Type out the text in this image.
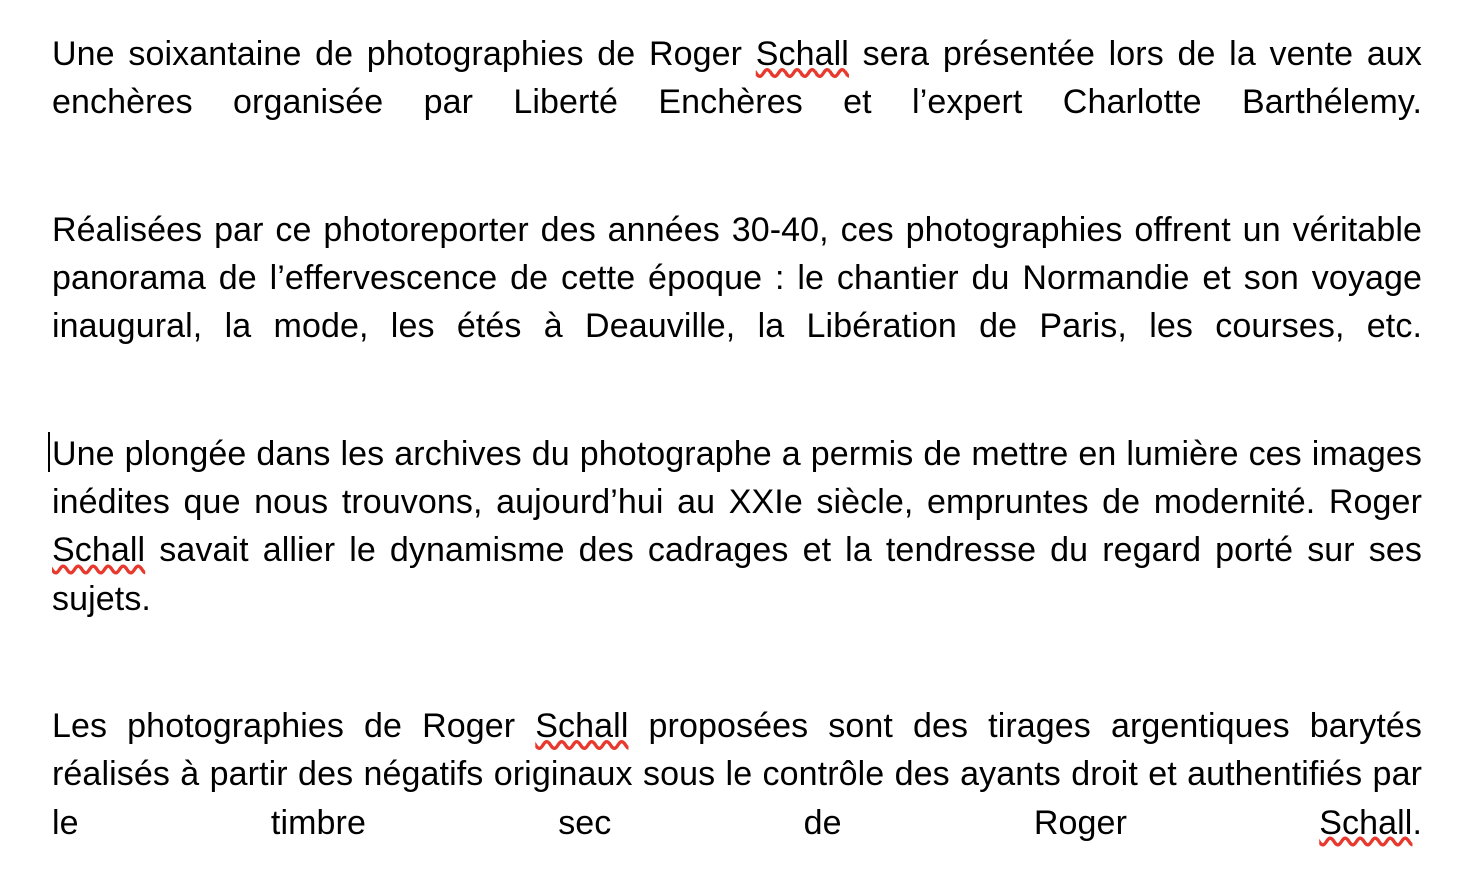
Une soixantaine de photographies de Roger Schall sera présentée lors de la vente aux enchères organisée par Liberté Enchères et l’expert Charlotte Barthélemy.
Réalisées par ce photoreporter des années 30-40, ces photographies offrent un véritable panorama de l’effervescence de cette époque : le chantier du Normandie et son voyage inaugural, la mode, les étés à Deauville, la Libération de Paris, les courses, etc.
Une plongée dans les archives du photographe a permis de mettre en lumière ces images inédites que nous trouvons, aujourd’hui au XXIe siècle, empruntes de modernité. Roger Schall savait allier le dynamisme des cadrages et la tendresse du regard porté sur ses sujets.
Les photographies de Roger Schall proposées sont des tirages argentiques barytés réalisés à partir des négatifs originaux sous le contrôle des ayants droit et authentifiés par le timbre sec de Roger Schall.
